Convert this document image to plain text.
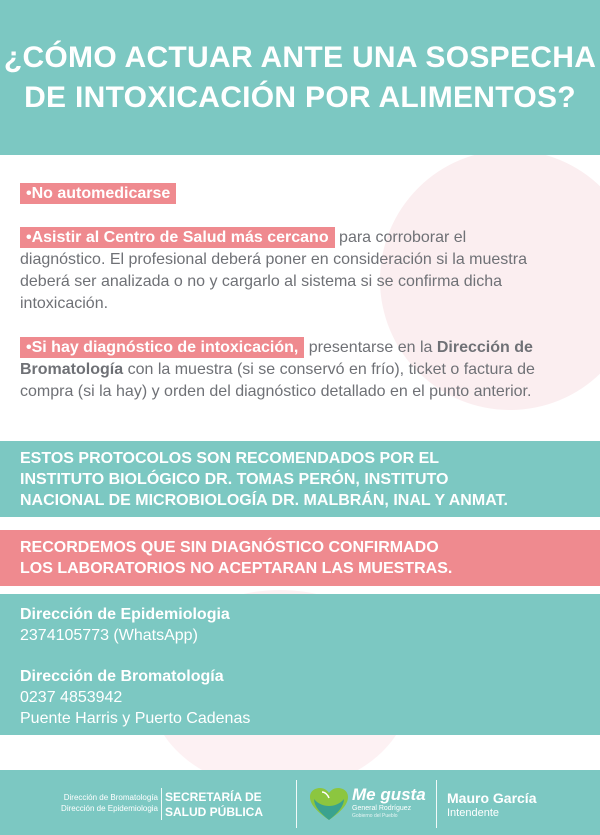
¿CÓMO ACTUAR ANTE UNA SOSPECHA
DE INTOXICACIÓN POR ALIMENTOS?
•No automedicarse
•Asistir al Centro de Salud más cercano para corroborar el diagnóstico. El profesional deberá poner en consideración si la muestra deberá ser analizada o no y cargarlo al sistema si se confirma dicha intoxicación.
•Si hay diagnóstico de intoxicación, presentarse en la Dirección de Bromatología con la muestra (si se conservó en frío), ticket o factura de compra (si la hay) y orden del diagnóstico detallado en el punto anterior.
ESTOS PROTOCOLOS SON RECOMENDADOS POR EL
INSTITUTO BIOLÓGICO DR. TOMAS PERÓN, INSTITUTO
NACIONAL DE MICROBIOLOGÍA DR. MALBRÁN, INAL Y ANMAT.
RECORDEMOS QUE SIN DIAGNÓSTICO CONFIRMADO
LOS LABORATORIOS NO ACEPTARAN LAS MUESTRAS.
Dirección de Epidemiologia
2374105773 (WhatsApp)
Dirección de Bromatología
0237 4853942
Puente Harris y Puerto Cadenas
Dirección de Bromatología
Dirección de Epidemiologia
SECRETARÍA DE
SALUD PÚBLICA
Me gusta
General Rodríguez
Gobierno del Pueblo
Mauro García
Intendente
